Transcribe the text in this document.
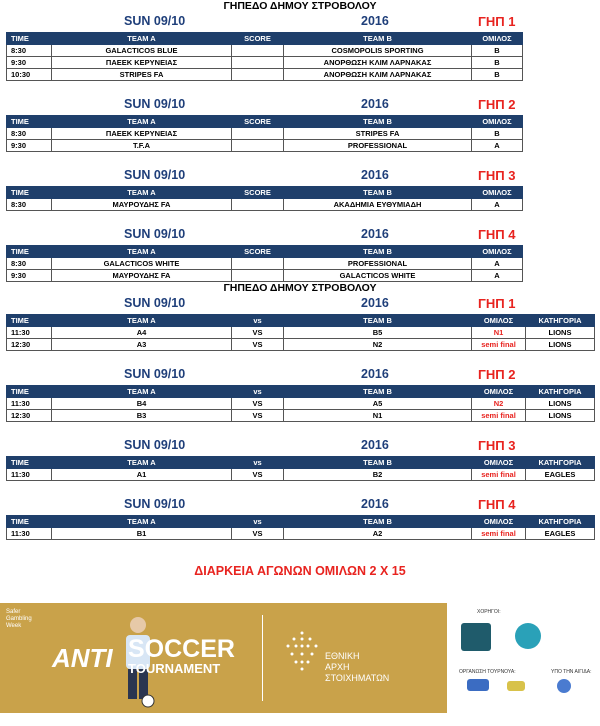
ΓΗΠΕΔΟ ΔΗΜΟΥ ΣΤΡΟΒΟΛΟΥ
SUN 09/10	2016	ΓΗΠ 1
TIME	TEAM A	SCORE	TEAM B	ΟΜΙΛΟΣ
8:30	GALACTICOS BLUE		COSMOPOLIS SPORTING	B
9:30	ΠΑΕΕΚ ΚΕΡΥΝΕΙΑΣ		ΑΝΟΡΘΩΣΗ ΚΛΙΜ ΛΑΡΝΑΚΑΣ	B
10:30	STRIPES FA		ΑΝΟΡΘΩΣΗ ΚΛΙΜ ΛΑΡΝΑΚΑΣ	B
SUN 09/10	2016	ΓΗΠ 2
TIME	TEAM A	SCORE	TEAM B	ΟΜΙΛΟΣ
8:30	ΠΑΕΕΚ ΚΕΡΥΝΕΙΑΣ		STRIPES FA	B
9:30	T.F.A		PROFESSIONAL	A
SUN 09/10	2016	ΓΗΠ 3
TIME	TEAM A	SCORE	TEAM B	ΟΜΙΛΟΣ
8:30	ΜΑΥΡΟΥΔΗΣ FA		ΑΚΑΔΗΜΙΑ ΕΥΘΥΜΙΑΔΗ	A
SUN 09/10	2016	ΓΗΠ 4
TIME	TEAM A	SCORE	TEAM B	ΟΜΙΛΟΣ
8:30	GALACTICOS WHITE		PROFESSIONAL	A
9:30	ΜΑΥΡΟΥΔΗΣ FA		GALACTICOS WHITE	A
ΓΗΠΕΔΟ ΔΗΜΟΥ ΣΤΡΟΒΟΛΟΥ
SUN 09/10	2016	ΓΗΠ 1
TIME	TEAM A	vs	TEAM B	ΟΜΙΛΟΣ	ΚΑΤΗΓΟΡΙΑ
11:30	A4	VS	B5	N1	LIONS
12:30	A3	VS	N2	semi final	LIONS
SUN 09/10	2016	ΓΗΠ 2
TIME	TEAM A	vs	TEAM B	ΟΜΙΛΟΣ	ΚΑΤΗΓΟΡΙΑ
11:30	B4	VS	A5	N2	LIONS
12:30	B3	VS	N1	semi final	LIONS
SUN 09/10	2016	ΓΗΠ 3
TIME	TEAM A	vs	TEAM B	ΟΜΙΛΟΣ	ΚΑΤΗΓΟΡΙΑ
11:30	A1	VS	B2	semi final	EAGLES
SUN 09/10	2016	ΓΗΠ 4
TIME	TEAM A	vs	TEAM B	ΟΜΙΛΟΣ	ΚΑΤΗΓΟΡΙΑ
11:30	B1	VS	A2	semi final	EAGLES
ΔΙΑΡΚΕΙΑ ΑΓΩΝΩΝ ΟΜΙΛΩΝ 2 Χ 15
Safer
Gambling
Week
ANTI SOCCER
TOURNAMENT
ΕΘΝΙΚΗ
ΑΡΧΗ
ΣΤΟΙΧΗΜΑΤΩΝ
ΧΟΡΗΓΟΙ:
ΟΡΓΑΝΩΣΗ ΤΟΥΡΝΟΥΑ:	ΥΠΟ ΤΗΝ ΑΙΓΙΔΑ:
